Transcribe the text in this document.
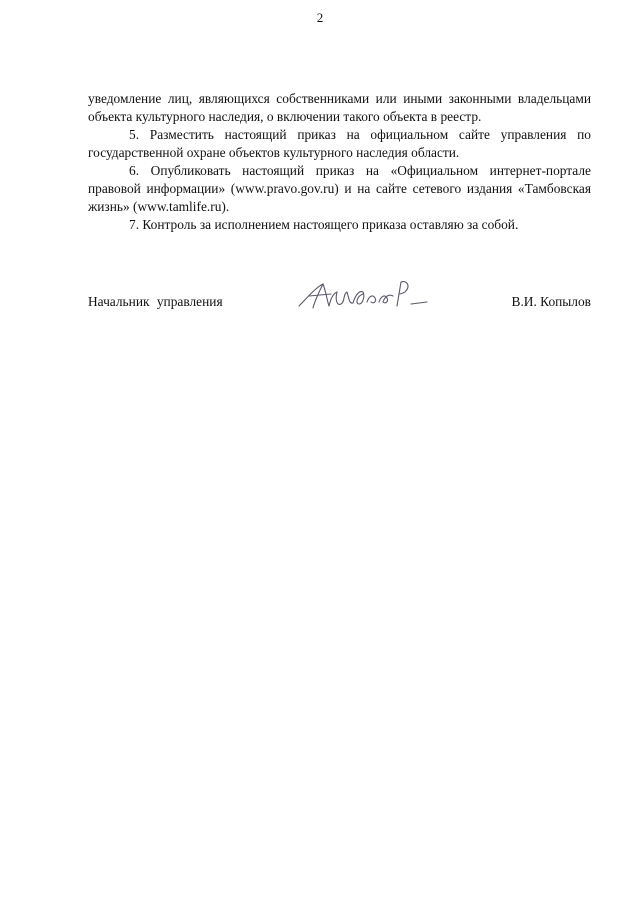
2

уведомление лиц, являющихся собственниками или иными законными владельцами объекта культурного наследия, о включении такого объекта в реестр.

5. Разместить настоящий приказ на официальном сайте управления по государственной охране объектов культурного наследия области.

6. Опубликовать настоящий приказ на «Официальном интернет-портале правовой информации» (www.pravo.gov.ru) и на сайте сетевого издания «Тамбовская жизнь» (www.tamlife.ru).

7. Контроль за исполнением настоящего приказа оставляю за собой.

Начальник управления	В.И. Копылов
